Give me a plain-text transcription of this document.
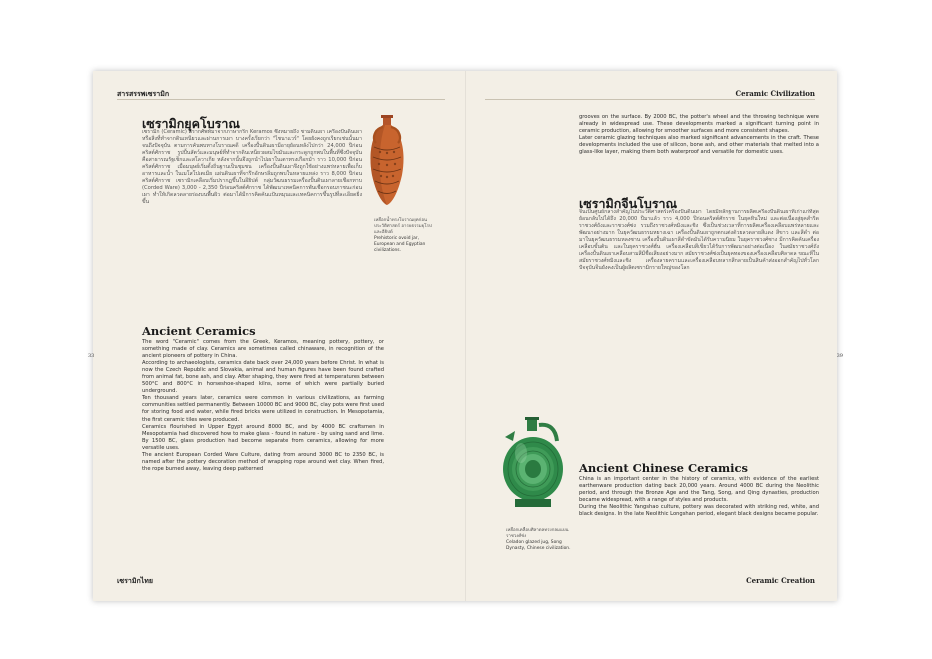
สารสรรพเซรามิก	Ceramic Civilization
33	39
เซรามิกยุคโบราณ

เซรามิก (Ceramic) มีรากศัพท์มาจากภาษากรีก Keramos ซึ่งหมายถึง ชามดินเผา เครื่องปั้นดินเผา หรือสิ่งที่ทำจากดินเหนียวและผ่านการเผา บางครั้งเรียกว่า "ไชนาแวร์" โดยยังคงถูกเรียกเช่นนั้นมาจนถึงปัจจุบัน ตามการค้นพบทางโบราณคดี เครื่องปั้นดินเผามีอายุย้อนหลังไปกว่า 24,000 ปีก่อนคริสต์ศักราช รูปปั้นสัตว์และมนุษย์ที่ทำจากดินเหนียวผสมไขมันและกระดูกถูกพบในพื้นที่ซึ่งปัจจุบันคือสาธารณรัฐเช็กและสโลวาเกีย หลังจากนั้นจึงถูกนำไปเผาในเตาทรงเกือกม้า ราว 10,000 ปีก่อนคริสต์ศักราช เมื่อมนุษย์เริ่มตั้งถิ่นฐานเป็นชุมชน เครื่องปั้นดินเผาจึงถูกใช้อย่างแพร่หลายเพื่อเก็บอาหารและน้ำ ในเมโสโปเตเมีย แผ่นดินเผาที่จารึกอักษรลิ่มถูกพบในหลายแหล่ง ราว 8,000 ปีก่อนคริสต์ศักราช เซรามิกเคลือบเริ่มปรากฏขึ้นในอียิปต์ กลุ่มวัฒนธรรมเครื่องปั้นดินเผาลายเชือกทาบ (Corded Ware) 3,000 - 2,350 ปีก่อนคริสต์ศักราช ได้พัฒนาเทคนิคการพันเชือกรอบภาชนะก่อนเผา ทำให้เกิดลวดลายร่องบนพื้นผิว ต่อมาได้มีการคิดค้นแป้นหมุนและเทคนิคการขึ้นรูปที่ละเอียดยิ่งขึ้น

Ancient Ceramics

The word "Ceramic" comes from the Greek, Keramos, meaning pottery, pottery, or something made of clay. Ceramics are sometimes called chinaware, in recognition of the ancient pioneers of pottery in China.
According to archaeologists, ceramics date back over 24,000 years before Christ. In what is now the Czech Republic and Slovakia, animal and human figures have been found crafted from animal fat, bone ash, and clay. After shaping, they were fired at temperatures between 500°C and 800°C in horseshoe-shaped kilns, some of which were partially buried underground.
Ten thousand years later, ceramics were common in various civilizations, as farming communities settled permanently. Between 10000 BC and 9000 BC, clay pots were first used for storing food and water, while fired bricks were utilized in construction. In Mesopotamia, the first ceramic tiles were produced.
Ceramics flourished in Upper Egypt around 8000 BC, and by 4000 BC craftsmen in Mesopotamia had discovered how to make glass - found in nature - by using sand and lime. By 1500 BC, glass production had become separate from ceramics, allowing for more versatile uses.
The ancient European Corded Ware Culture, dating from around 3000 BC to 2350 BC, is named after the pottery decoration method of wrapping rope around wet clay. When fired, the rope burned away, leaving deep patterned

เหยือกน้ำทรงโบราณยุคก่อนประวัติศาสตร์ อารยธรรมยุโรปและอียิปต์

Prehistoric ovoid jar, European and Egyptian civilizations.

grooves on the surface. By 2000 BC, the potter's wheel and the throwing technique were already in widespread use. These developments marked a significant turning point in ceramic production, allowing for smoother surfaces and more consistent shapes.
Later ceramic glazing techniques also marked significant advancements in the craft. These developments included the use of silicon, bone ash, and other materials that melted into a glass-like layer, making them both waterproof and versatile for domestic uses.

เซรามิกจีนโบราณ

จีนเป็นศูนย์กลางสำคัญในประวัติศาสตร์เครื่องปั้นดินเผา โดยมีหลักฐานการผลิตเครื่องปั้นดินเผาที่เก่าแก่ที่สุดย้อนกลับไปได้ถึง 20,000 ปีมาแล้ว ราว 4,000 ปีก่อนคริสต์ศักราช ในยุคหินใหม่ และต่อเนื่องสู่ยุคสำริด ราชวงศ์ถังและราชวงศ์ซ่ง รวมถึงราชวงศ์หมิงและชิง ซึ่งเป็นช่วงเวลาที่การผลิตเครื่องเคลือบแพร่หลายและพัฒนาอย่างมาก ในยุควัฒนธรรมหยางเฉา เครื่องปั้นดินเผาถูกตกแต่งด้วยลวดลายสีแดง สีขาว และสีดำ ต่อมาในยุควัฒนธรรมหลงซาน เครื่องปั้นดินเผาสีดำขัดมันได้รับความนิยม ในยุคราชวงศ์ซาง มีการคิดค้นเครื่องเคลือบขั้นต้น และในยุคราชวงศ์ฮั่น เครื่องเคลือบสีเขียวได้รับการพัฒนาอย่างต่อเนื่อง ในสมัยราชวงศ์ถัง เครื่องปั้นดินเผาเคลือบสามสีมีชื่อเสียงอย่างมาก สมัยราชวงศ์ซ่งเป็นยุคทองของเครื่องเคลือบศิลาดล ขณะที่ในสมัยราชวงศ์หมิงและชิง เครื่องลายครามและเครื่องเคลือบหลากสีกลายเป็นสินค้าส่งออกสำคัญไปทั่วโลก ปัจจุบันจีนยังคงเป็นผู้ผลิตเซรามิกรายใหญ่ของโลก

Ancient Chinese Ceramics

China is an important center in the history of ceramics, with evidence of the earliest earthenware production dating back 20,000 years. Around 4000 BC during the Neolithic period, and through the Bronze Age and the Tang, Song, and Qing dynasties, production became widespread, with a range of styles and products.
During the Neolithic Yangshao culture, pottery was decorated with striking red, white, and black designs. In the late Neolithic Longshan period, elegant black designs became popular.

เหยือกเคลือบศิลาดลทรงกลมแบน ราชวงศ์ซ่ง

Celadon glazed jug, Song Dynasty, Chinese civilization.

เซรามิกไทย	Ceramic Creation
